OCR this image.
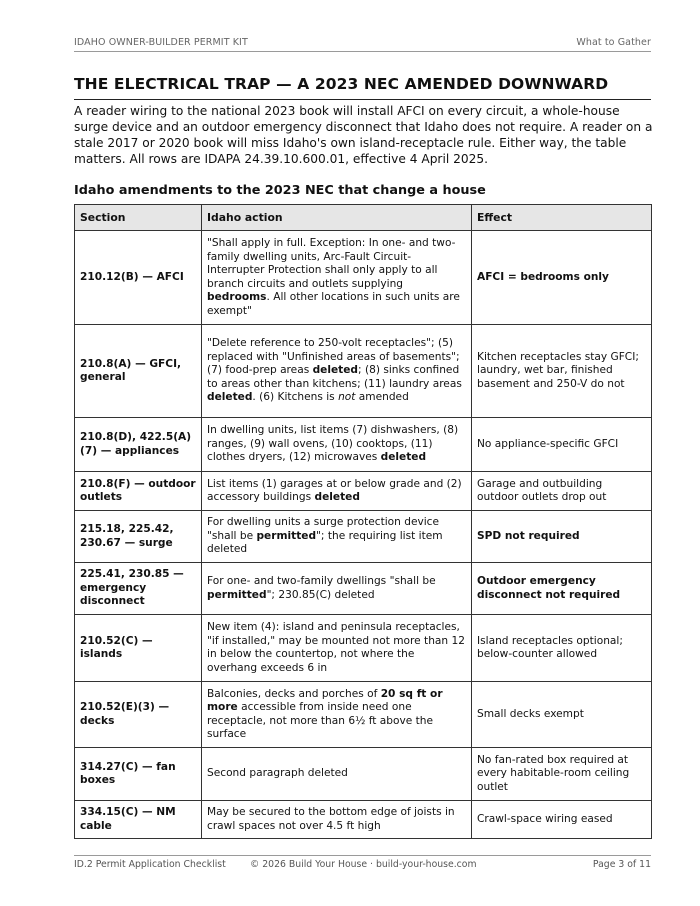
IDAHO OWNER-BUILDER PERMIT KIT	What to Gather
THE ELECTRICAL TRAP — A 2023 NEC AMENDED DOWNWARD

A reader wiring to the national 2023 book will install AFCI on every circuit, a whole-house surge device and an outdoor emergency disconnect that Idaho does not require. A reader on a stale 2017 or 2020 book will miss Idaho's own island-receptacle rule. Either way, the table matters. All rows are IDAPA 24.39.10.600.01, effective 4 April 2025.

Idaho amendments to the 2023 NEC that change a house
Section	Idaho action	Effect
210.12(B) — AFCI	"Shall apply in full. Exception: In one- and two-family dwelling units, Arc-Fault Circuit-Interrupter Protection shall only apply to all branch circuits and outlets supplying bedrooms. All other locations in such units are exempt"	AFCI = bedrooms only
210.8(A) — GFCI, general	"Delete reference to 250-volt receptacles"; (5) replaced with "Unfinished areas of basements"; (7) food-prep areas deleted; (8) sinks confined to areas other than kitchens; (11) laundry areas deleted. (6) Kitchens is not amended	Kitchen receptacles stay GFCI; laundry, wet bar, finished basement and 250-V do not
210.8(D), 422.5(A)(7) — appliances	In dwelling units, list items (7) dishwashers, (8) ranges, (9) wall ovens, (10) cooktops, (11) clothes dryers, (12) microwaves deleted	No appliance-specific GFCI
210.8(F) — outdoor outlets	List items (1) garages at or below grade and (2) accessory buildings deleted	Garage and outbuilding outdoor outlets drop out
215.18, 225.42, 230.67 — surge	For dwelling units a surge protection device "shall be permitted"; the requiring list item deleted	SPD not required
225.41, 230.85 — emergency disconnect	For one- and two-family dwellings "shall be permitted"; 230.85(C) deleted	Outdoor emergency disconnect not required
210.52(C) — islands	New item (4): island and peninsula receptacles, "if installed," may be mounted not more than 12 in below the countertop, not where the overhang exceeds 6 in	Island receptacles optional; below-counter allowed
210.52(E)(3) — decks	Balconies, decks and porches of 20 sq ft or more accessible from inside need one receptacle, not more than 6½ ft above the surface	Small decks exempt
314.27(C) — fan boxes	Second paragraph deleted	No fan-rated box required at every habitable-room ceiling outlet
334.15(C) — NM cable	May be secured to the bottom edge of joists in crawl spaces not over 4.5 ft high	Crawl-space wiring eased
ID.2 Permit Application Checklist	© 2026 Build Your House · build-your-house.com	Page 3 of 11
